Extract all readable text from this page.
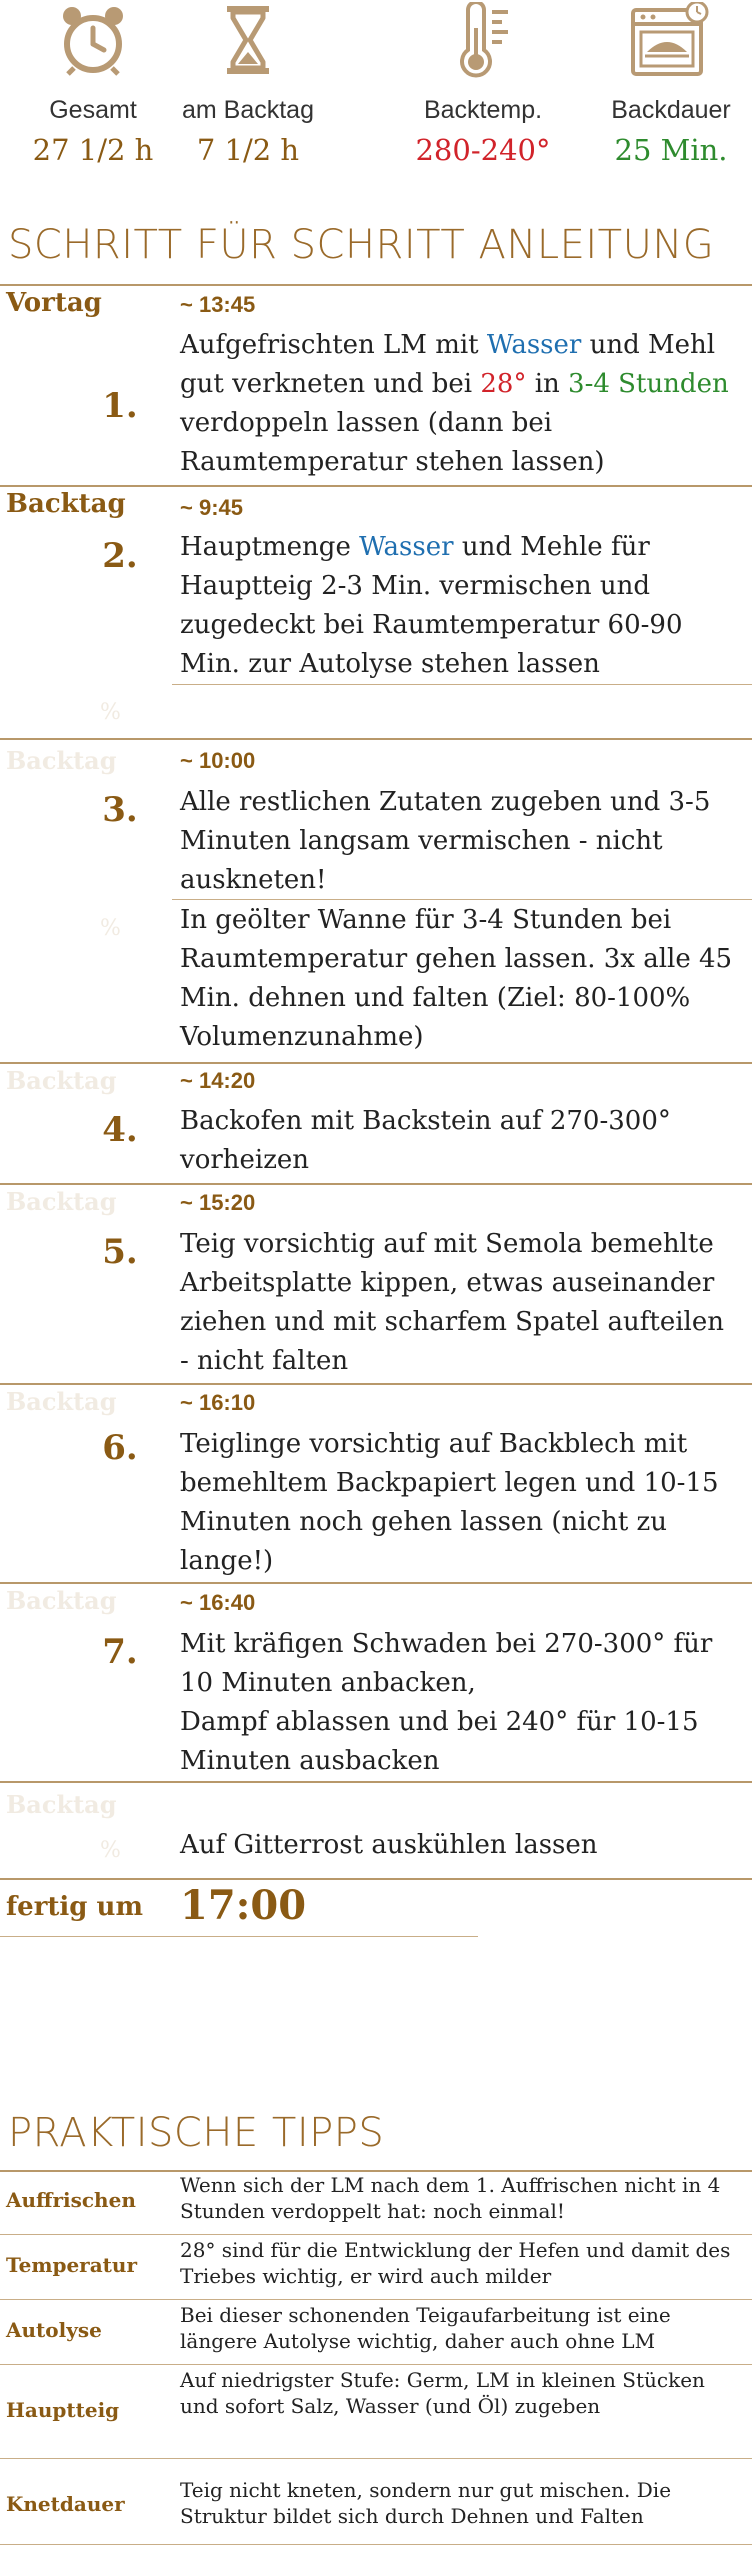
Gesamt
27 1/2 h
am Backtag
7 1/2 h
Backtemp.
280-240°
Backdauer
25 Min.
SCHRITT FÜR SCHRITT ANLEITUNG
Vortag	~ 13:45
1.
Aufgefrischten LM mit Wasser und Mehl gut verkneten und bei 28° in 3-4 Stunden verdoppeln lassen (dann bei Raumtemperatur stehen lassen)
Backtag ~ 9:45
2. Hauptmenge Wasser und Mehle für Hauptteig 2-3 Min. vermischen und zugedeckt bei Raumtemperatur 60-90 Min. zur Autolyse stehen lassen
%
Backtag	~ 10:00
3. Alle restlichen Zutaten zugeben und 3-5 Minuten langsam vermischen - nicht auskneten!
% In geölter Wanne für 3-4 Stunden bei Raumtemperatur gehen lassen. 3x alle 45 Min. dehnen und falten (Ziel: 80-100% Volumenzunahme)
Backtag	~ 14:20
4. Backofen mit Backstein auf 270-300° vorheizen
Backtag	~ 15:20
5. Teig vorsichtig auf mit Semola bemehlte Arbeitsplatte kippen, etwas auseinander ziehen und mit scharfem Spatel aufteilen - nicht falten
Backtag	~ 16:10
6. Teiglinge vorsichtig auf Backblech mit bemehltem Backpapiert legen und 10-15 Minuten noch gehen lassen (nicht zu lange!)
Backtag	~ 16:40
7. Mit kräfigen Schwaden bei 270-300° für 10 Minuten anbacken,
Dampf ablassen und bei 240° für 10-15 Minuten ausbacken
Backtag
% Auf Gitterrost auskühlen lassen
fertig um 17:00
PRAKTISCHE TIPPS
Auffrischen
Wenn sich der LM nach dem 1. Auffrischen nicht in 4 Stunden verdoppelt hat: noch einmal!
Temperatur
28° sind für die Entwicklung der Hefen und damit des Triebes wichtig, er wird auch milder
Autolyse
Bei dieser schonenden Teigaufarbeitung ist eine längere Autolyse wichtig, daher auch ohne LM
Hauptteig
Auf niedrigster Stufe: Germ, LM in kleinen Stücken und sofort Salz, Wasser (und Öl) zugeben
Knetdauer
Teig nicht kneten, sondern nur gut mischen. Die Struktur bildet sich durch Dehnen und Falten
